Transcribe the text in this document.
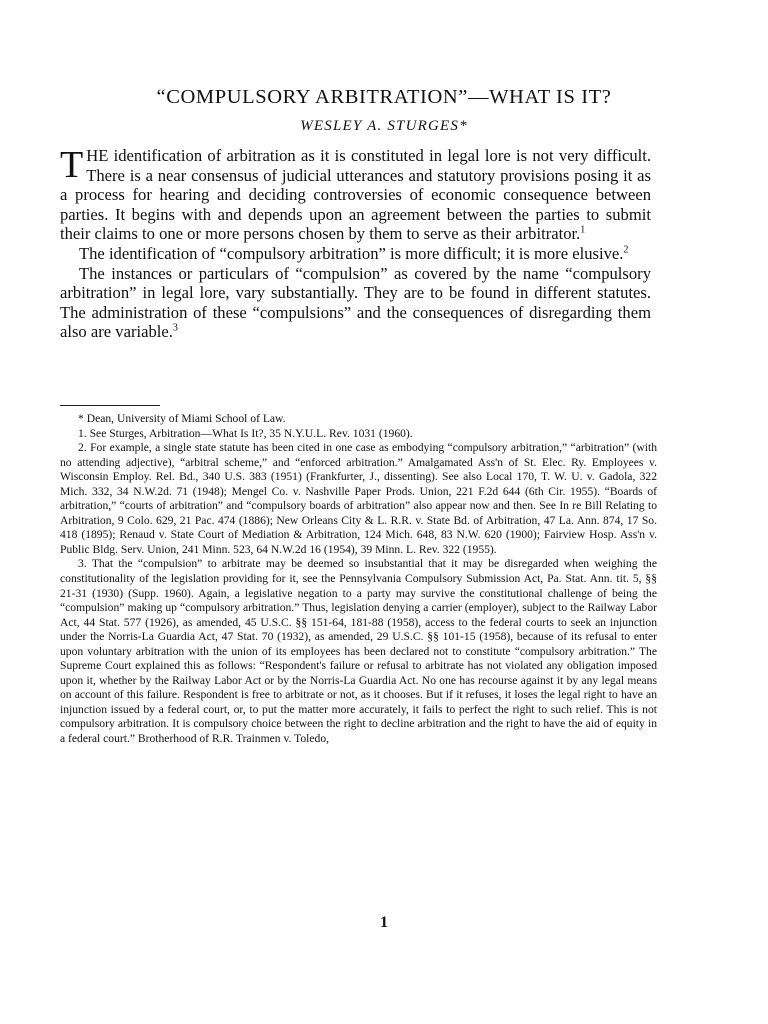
“COMPULSORY ARBITRATION”—WHAT IS IT?
WESLEY A. STURGES*

THE identification of arbitration as it is constituted in legal lore is not very difficult. There is a near consensus of judicial utterances and statutory provisions posing it as a process for hearing and deciding controversies of economic consequence between parties. It begins with and depends upon an agreement between the parties to submit their claims to one or more persons chosen by them to serve as their arbitrator.$^1$

The identification of “compulsory arbitration” is more difficult; it is more elusive.$^2$

The instances or particulars of “compulsion” as covered by the name “compulsory arbitration” in legal lore, vary substantially. They are to be found in different statutes. The administration of these “compulsions” and the consequences of disregarding them also are variable.$^3$

* Dean, University of Miami School of Law.

1. See Sturges, Arbitration—What Is It?, 35 N.Y.U.L. Rev. 1031 (1960).

2. For example, a single state statute has been cited in one case as embodying “compulsory arbitration,” “arbitration” (with no attending adjective), “arbitral scheme,” and “enforced arbitration.” Amalgamated Ass'n of St. Elec. Ry. Employees v. Wisconsin Employ. Rel. Bd., 340 U.S. 383 (1951) (Frankfurter, J., dissenting). See also Local 170, T. W. U. v. Gadola, 322 Mich. 332, 34 N.W.2d. 71 (1948); Mengel Co. v. Nashville Paper Prods. Union, 221 F.2d 644 (6th Cir. 1955). “Boards of arbitration,” “courts of arbitration” and “compulsory boards of arbitration” also appear now and then. See In re Bill Relating to Arbitration, 9 Colo. 629, 21 Pac. 474 (1886); New Orleans City & L. R.R. v. State Bd. of Arbitration, 47 La. Ann. 874, 17 So. 418 (1895); Renaud v. State Court of Mediation & Arbitration, 124 Mich. 648, 83 N.W. 620 (1900); Fairview Hosp. Ass'n v. Public Bldg. Serv. Union, 241 Minn. 523, 64 N.W.2d 16 (1954), 39 Minn. L. Rev. 322 (1955).

3. That the “compulsion” to arbitrate may be deemed so insubstantial that it may be disregarded when weighing the constitutionality of the legislation providing for it, see the Pennsylvania Compulsory Submission Act, Pa. Stat. Ann. tit. 5, §§ 21-31 (1930) (Supp. 1960). Again, a legislative negation to a party may survive the constitutional challenge of being the “compulsion” making up “compulsory arbitration.” Thus, legislation denying a carrier (employer), subject to the Railway Labor Act, 44 Stat. 577 (1926), as amended, 45 U.S.C. §§ 151-64, 181-88 (1958), access to the federal courts to seek an injunction under the Norris-La Guardia Act, 47 Stat. 70 (1932), as amended, 29 U.S.C. §§ 101-15 (1958), because of its refusal to enter upon voluntary arbitration with the union of its employees has been declared not to constitute “compulsory arbitration.” The Supreme Court explained this as follows: “Respondent's failure or refusal to arbitrate has not violated any obligation imposed upon it, whether by the Railway Labor Act or by the Norris-La Guardia Act. No one has recourse against it by any legal means on account of this failure. Respondent is free to arbitrate or not, as it chooses. But if it refuses, it loses the legal right to have an injunction issued by a federal court, or, to put the matter more accurately, it fails to perfect the right to such relief. This is not compulsory arbitration. It is compulsory choice between the right to decline arbitration and the right to have the aid of equity in a federal court.” Brotherhood of R.R. Trainmen v. Toledo,

1
